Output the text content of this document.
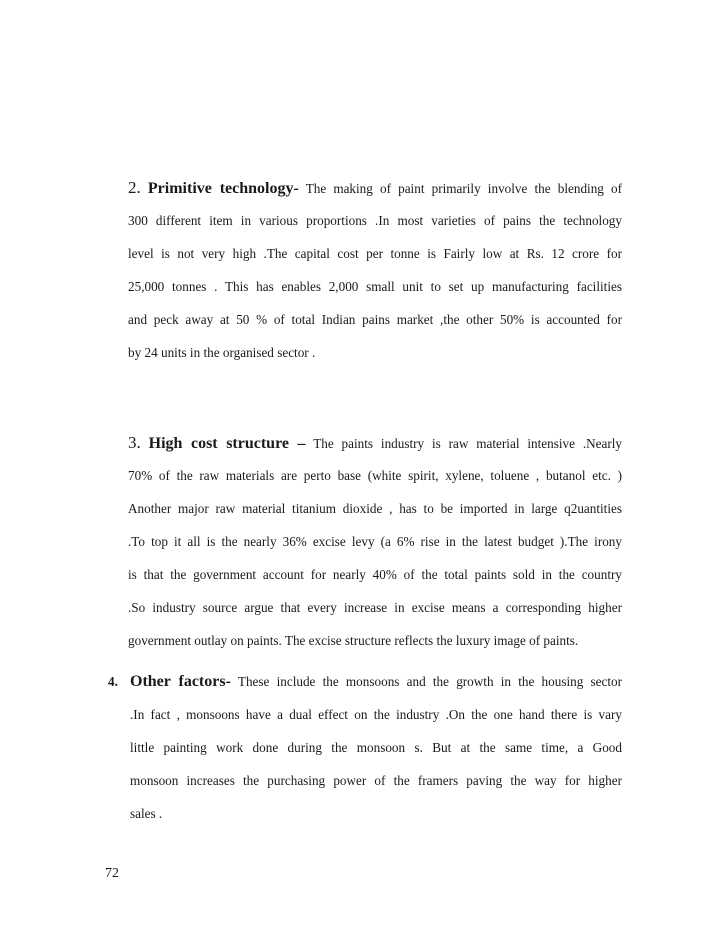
2. Primitive technology- The making of paint primarily involve the blending of
300 different item in various proportions .In most varieties of pains the technology
level is not very high .The capital cost per tonne is Fairly low at Rs. 12 crore for
25,000 tonnes . This has enables 2,000 small unit to set up manufacturing facilities
and peck away at 50 % of total Indian pains market ,the other 50% is accounted for
by 24 units in the organised sector .
3. High cost structure – The paints industry is raw material intensive .Nearly
70% of the raw materials are perto base (white spirit, xylene, toluene , butanol etc. )
Another major raw material titanium dioxide , has to be imported in large q2uantities
.To top it all is the nearly 36% excise levy (a 6% rise in the latest budget ).The irony
is that the government account for nearly 40% of the total paints sold in the country
.So industry source argue that every increase in excise means a corresponding higher
government outlay on paints. The excise structure reflects the luxury image of paints.
4. Other factors- These include the monsoons and the growth in the housing sector
.In fact , monsoons have a dual effect on the industry .On the one hand there is vary
little painting work done during the monsoon s. But at the same time, a Good
monsoon increases the purchasing power of the framers paving the way for higher
sales .
72
